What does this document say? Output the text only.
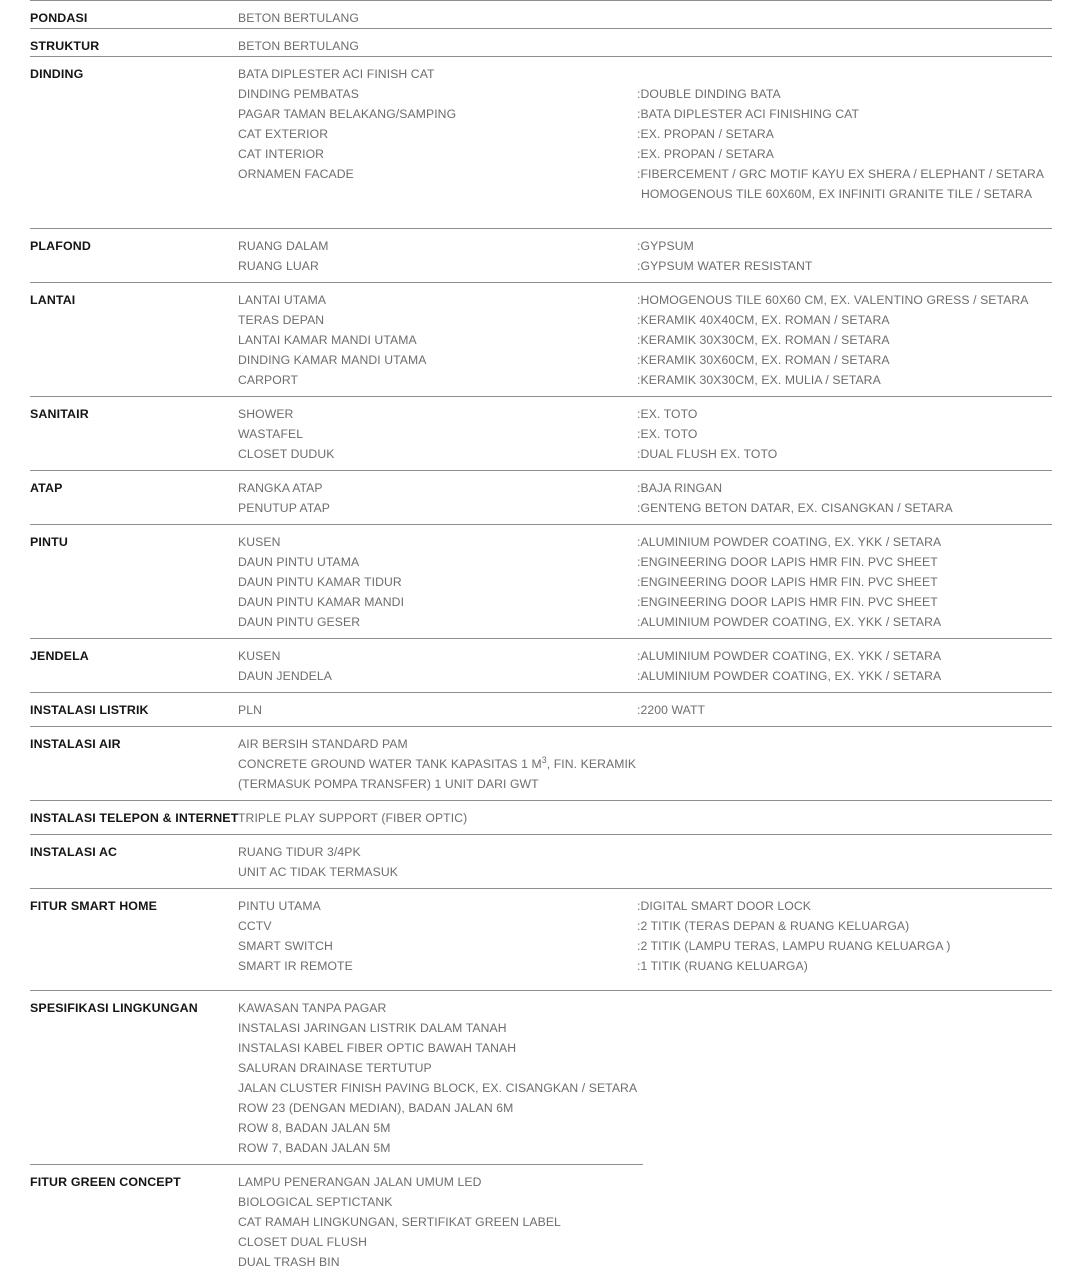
PONDASI	BETON BERTULANG
STRUKTUR	BETON BERTULANG
DINDING	BATA DIPLESTER ACI FINISH CAT
DINDING PEMBATAS	:DOUBLE DINDING BATA
PAGAR TAMAN BELAKANG/SAMPING	:BATA DIPLESTER ACI FINISHING CAT
CAT EXTERIOR	:EX. PROPAN / SETARA
CAT INTERIOR	:EX. PROPAN / SETARA
ORNAMEN FACADE	:FIBERCEMENT / GRC MOTIF KAYU EX SHERA / ELEPHANT / SETARA
HOMOGENOUS TILE 60X60M, EX INFINITI GRANITE TILE / SETARA
PLAFOND	RUANG DALAM	:GYPSUM
RUANG LUAR	:GYPSUM WATER RESISTANT
LANTAI	LANTAI UTAMA	:HOMOGENOUS TILE 60X60 CM, EX. VALENTINO GRESS / SETARA
TERAS DEPAN	:KERAMIK 40X40CM, EX. ROMAN / SETARA
LANTAI KAMAR MANDI UTAMA	:KERAMIK 30X30CM, EX. ROMAN / SETARA
DINDING KAMAR MANDI UTAMA	:KERAMIK 30X60CM, EX. ROMAN / SETARA
CARPORT	:KERAMIK 30X30CM, EX. MULIA / SETARA
SANITAIR	SHOWER	:EX. TOTO
WASTAFEL	:EX. TOTO
CLOSET DUDUK	:DUAL FLUSH EX. TOTO
ATAP	RANGKA ATAP	:BAJA RINGAN
PENUTUP ATAP	:GENTENG BETON DATAR, EX. CISANGKAN / SETARA
PINTU	KUSEN	:ALUMINIUM POWDER COATING, EX. YKK / SETARA
DAUN PINTU UTAMA	:ENGINEERING DOOR LAPIS HMR FIN. PVC SHEET
DAUN PINTU KAMAR TIDUR	:ENGINEERING DOOR LAPIS HMR FIN. PVC SHEET
DAUN PINTU KAMAR MANDI	:ENGINEERING DOOR LAPIS HMR FIN. PVC SHEET
DAUN PINTU GESER	:ALUMINIUM POWDER COATING, EX. YKK / SETARA
JENDELA	KUSEN	:ALUMINIUM POWDER COATING, EX. YKK / SETARA
DAUN JENDELA	:ALUMINIUM POWDER COATING, EX. YKK / SETARA
INSTALASI LISTRIK	PLN	:2200 WATT
INSTALASI AIR	AIR BERSIH STANDARD PAM
CONCRETE GROUND WATER TANK KAPASITAS 1 $M^3$, FIN. KERAMIK
(TERMASUK POMPA TRANSFER) 1 UNIT DARI GWT
INSTALASI TELEPON & INTERNET TRIPLE PLAY SUPPORT (FIBER OPTIC)
INSTALASI AC	RUANG TIDUR 3/4PK
UNIT AC TIDAK TERMASUK
FITUR SMART HOME	PINTU UTAMA	:DIGITAL SMART DOOR LOCK
CCTV	:2 TITIK (TERAS DEPAN & RUANG KELUARGA)
SMART SWITCH	:2 TITIK (LAMPU TERAS, LAMPU RUANG KELUARGA )
SMART IR REMOTE	:1 TITIK (RUANG KELUARGA)
SPESIFIKASI LINGKUNGAN	KAWASAN TANPA PAGAR
INSTALASI JARINGAN LISTRIK DALAM TANAH
INSTALASI KABEL FIBER OPTIC BAWAH TANAH
SALURAN DRAINASE TERTUTUP
JALAN CLUSTER FINISH PAVING BLOCK, EX. CISANGKAN / SETARA
ROW 23 (DENGAN MEDIAN), BADAN JALAN 6M
ROW 8, BADAN JALAN 5M
ROW 7, BADAN JALAN 5M
FITUR GREEN CONCEPT	LAMPU PENERANGAN JALAN UMUM LED
BIOLOGICAL SEPTICTANK
CAT RAMAH LINGKUNGAN, SERTIFIKAT GREEN LABEL
CLOSET DUAL FLUSH
DUAL TRASH BIN
